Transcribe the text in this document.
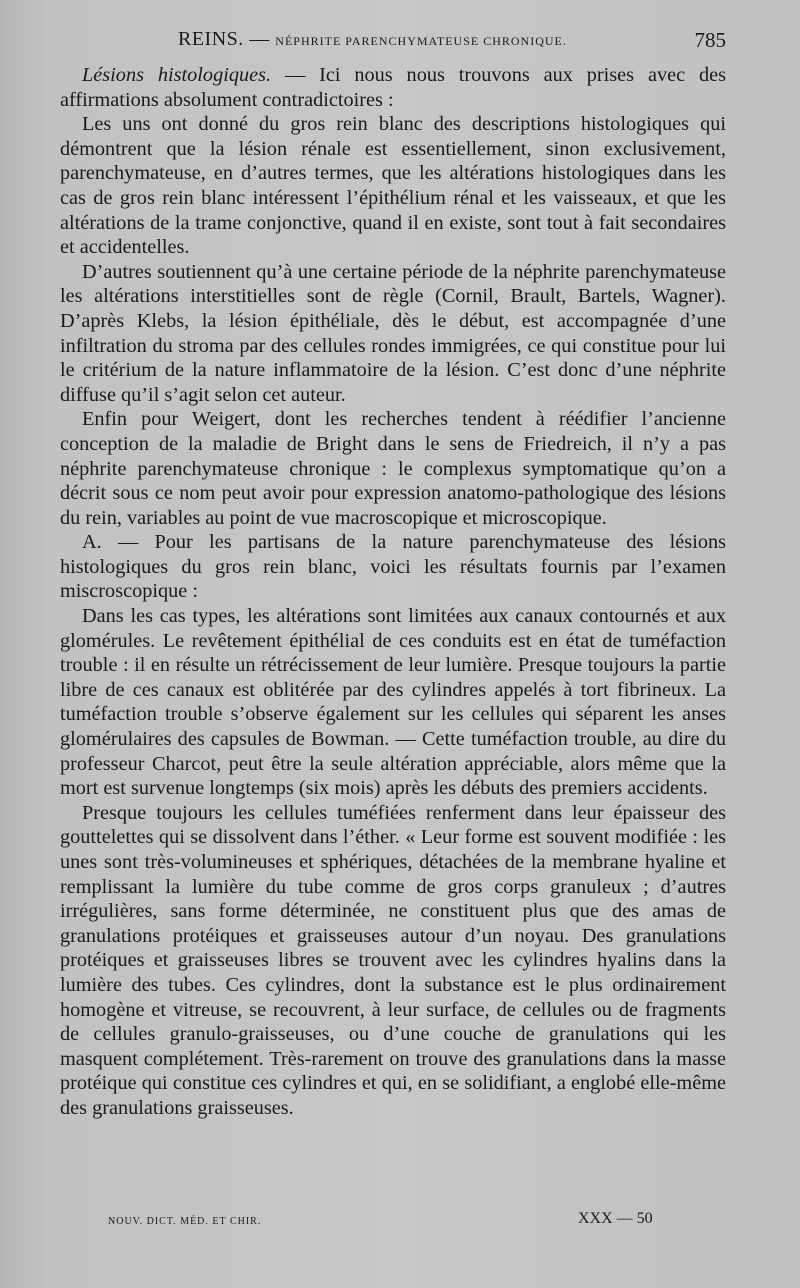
REINS. — NÉPHRITE PARENCHYMATEUSE CHRONIQUE.	785

Lésions histologiques. — Ici nous nous trouvons aux prises avec des affirmations absolument contradictoires :

Les uns ont donné du gros rein blanc des descriptions histologiques qui démontrent que la lésion rénale est essentiellement, sinon exclusivement, parenchymateuse, en d’autres termes, que les altérations histologiques dans les cas de gros rein blanc intéressent l’épithélium rénal et les vaisseaux, et que les altérations de la trame conjonctive, quand il en existe, sont tout à fait secondaires et accidentelles.

D’autres soutiennent qu’à une certaine période de la néphrite parenchymateuse les altérations interstitielles sont de règle (Cornil, Brault, Bartels, Wagner). D’après Klebs, la lésion épithéliale, dès le début, est accompagnée d’une infiltration du stroma par des cellules rondes immigrées, ce qui constitue pour lui le critérium de la nature inflammatoire de la lésion. C’est donc d’une néphrite diffuse qu’il s’agit selon cet auteur.

Enfin pour Weigert, dont les recherches tendent à réédifier l’ancienne conception de la maladie de Bright dans le sens de Friedreich, il n’y a pas néphrite parenchymateuse chronique : le complexus symptomatique qu’on a décrit sous ce nom peut avoir pour expression anatomo-pathologique des lésions du rein, variables au point de vue macroscopique et microscopique.

A. — Pour les partisans de la nature parenchymateuse des lésions histologiques du gros rein blanc, voici les résultats fournis par l’examen miscroscopique :

Dans les cas types, les altérations sont limitées aux canaux contournés et aux glomérules. Le revêtement épithélial de ces conduits est en état de tuméfaction trouble : il en résulte un rétrécissement de leur lumière. Presque toujours la partie libre de ces canaux est oblitérée par des cylindres appelés à tort fibrineux. La tuméfaction trouble s’observe également sur les cellules qui séparent les anses glomérulaires des capsules de Bowman. — Cette tuméfaction trouble, au dire du professeur Charcot, peut être la seule altération appréciable, alors même que la mort est survenue longtemps (six mois) après les débuts des premiers accidents.

Presque toujours les cellules tuméfiées renferment dans leur épaisseur des gouttelettes qui se dissolvent dans l’éther. « Leur forme est souvent modifiée : les unes sont très-volumineuses et sphériques, détachées de la membrane hyaline et remplissant la lumière du tube comme de gros corps granuleux ; d’autres irrégulières, sans forme déterminée, ne constituent plus que des amas de granulations protéiques et graisseuses autour d’un noyau. Des granulations protéiques et graisseuses libres se trouvent avec les cylindres hyalins dans la lumière des tubes. Ces cylindres, dont la substance est le plus ordinairement homogène et vitreuse, se recouvrent, à leur surface, de cellules ou de fragments de cellules granulo-graisseuses, ou d’une couche de granulations qui les masquent complétement. Très-rarement on trouve des granulations dans la masse protéique qui constitue ces cylindres et qui, en se solidifiant, a englobé elle-même des granulations graisseuses.

NOUV. DICT. MÉD. ET CHIR.	XXX — 50
